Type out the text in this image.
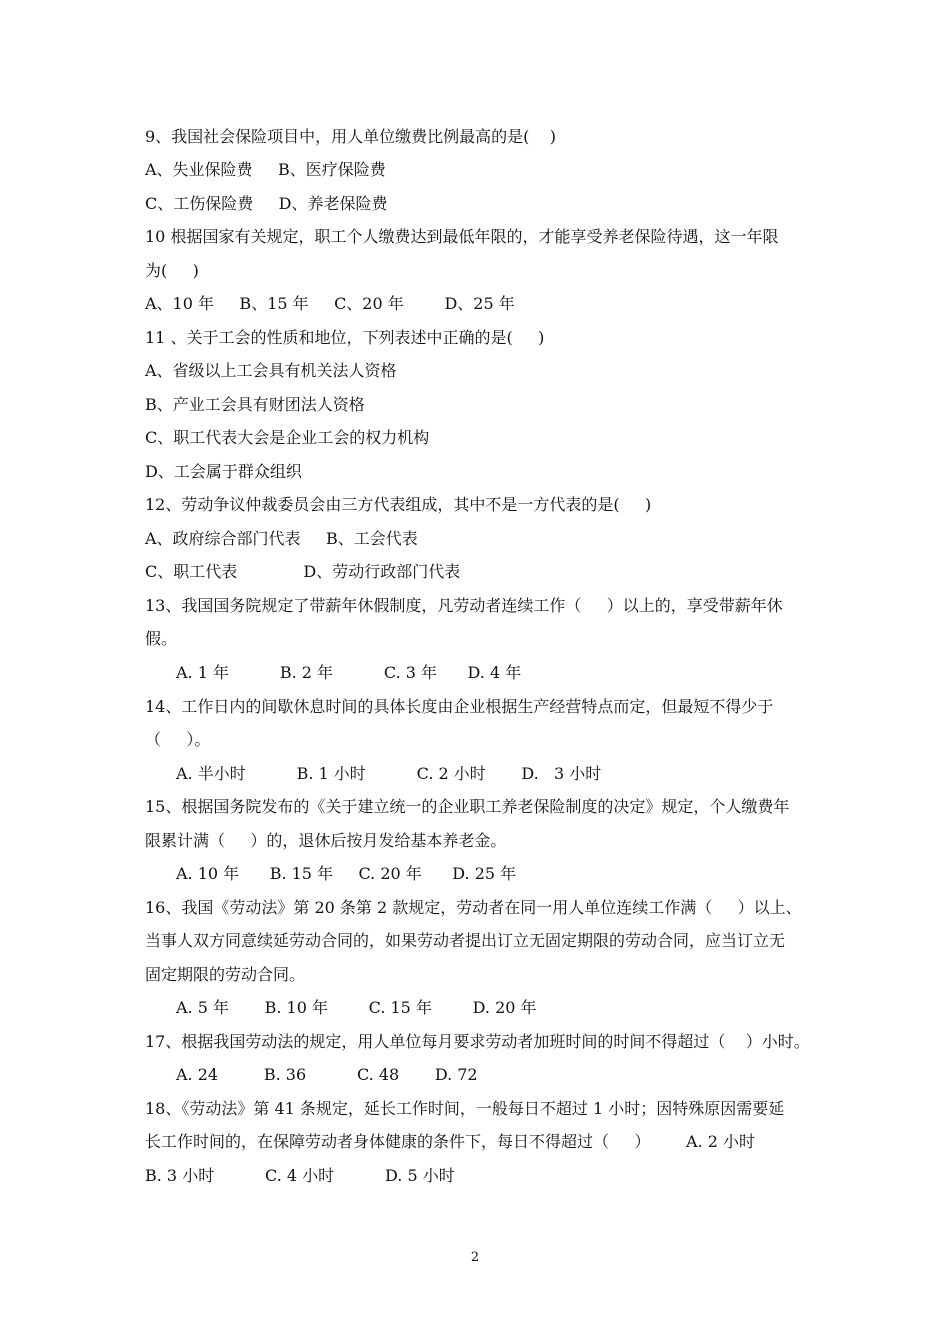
9、我国社会保险项目中，用人单位缴费比例最高的是(    )
A、失业保险费     B、医疗保险费
C、工伤保险费     D、养老保险费
10 根据国家有关规定，职工个人缴费达到最低年限的，才能享受养老保险待遇，这一年限
为(     )
A、10 年     B、15 年     C、20 年        D、25 年
11 、关于工会的性质和地位，下列表述中正确的是(     )
A、省级以上工会具有机关法人资格
B、产业工会具有财团法人资格
C、职工代表大会是企业工会的权力机构
D、工会属于群众组织
12、劳动争议仲裁委员会由三方代表组成，其中不是一方代表的是(     )
A、政府综合部门代表     B、工会代表
C、职工代表             D、劳动行政部门代表
13、我国国务院规定了带薪年休假制度，凡劳动者连续工作（     ）以上的，享受带薪年休
假。
A. 1 年          B. 2 年          C. 3 年      D. 4 年
14、工作日内的间歇休息时间的具体长度由企业根据生产经营特点而定，但最短不得少于
（     ）。
A. 半小时          B. 1 小时          C. 2 小时       D.   3 小时
15、根据国务院发布的《关于建立统一的企业职工养老保险制度的决定》规定，个人缴费年
限累计满（     ）的，退休后按月发给基本养老金。
A. 10 年      B. 15 年     C. 20 年      D. 25 年
16、我国《劳动法》第 20 条第 2 款规定，劳动者在同一用人单位连续工作满（     ）以上、
当事人双方同意续延劳动合同的，如果劳动者提出订立无固定期限的劳动合同，应当订立无
固定期限的劳动合同。
A. 5 年       B. 10 年        C. 15 年        D. 20 年
17、根据我国劳动法的规定，用人单位每月要求劳动者加班时间的时间不得超过（    ）小时。
A. 24         B. 36          C. 48       D. 72
18、《劳动法》第 41 条规定，延长工作时间，一般每日不超过 1 小时；因特殊原因需要延
长工作时间的，在保障劳动者身体健康的条件下，每日不得超过（     ）       A. 2 小时
B. 3 小时          C. 4 小时          D. 5 小时
2
